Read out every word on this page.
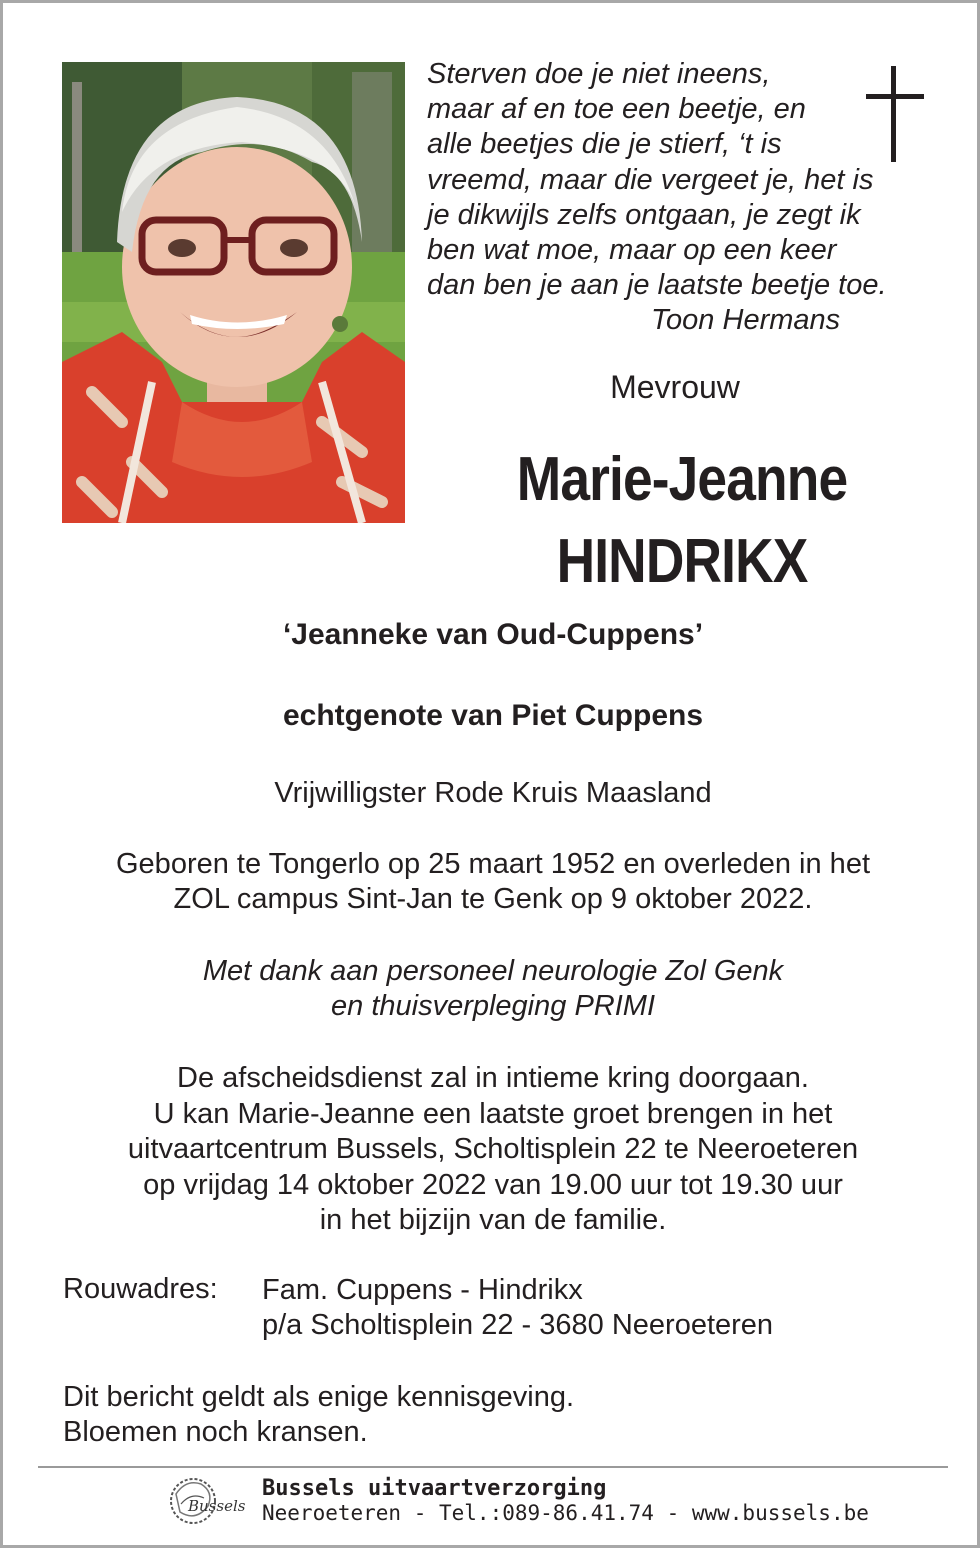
Sterven doe je niet ineens,
maar af en toe een beetje, en
alle beetjes die je stierf, ‘t is
vreemd, maar die vergeet je, het is
je dikwijls zelfs ontgaan, je zegt ik
ben wat moe, maar op een keer
dan ben je aan je laatste beetje toe.
Toon Hermans
Mevrouw
Marie-Jeanne
HINDRIKX
‘Jeanneke van Oud-Cuppens’
echtgenote van Piet Cuppens
Vrijwilligster Rode Kruis Maasland
Geboren te Tongerlo op 25 maart 1952 en overleden in het
ZOL campus Sint-Jan te Genk op 9 oktober 2022.
Met dank aan personeel neurologie Zol Genk
en thuisverpleging PRIMI
De afscheidsdienst zal in intieme kring doorgaan.
U kan Marie-Jeanne een laatste groet brengen in het
uitvaartcentrum Bussels, Scholtisplein 22 te Neeroeteren
op vrijdag 14 oktober 2022 van 19.00 uur tot 19.30 uur
in het bijzijn van de familie.
Rouwadres: Fam. Cuppens - Hindrikx
p/a Scholtisplein 22 - 3680 Neeroeteren
Dit bericht geldt als enige kennisgeving.
Bloemen noch kransen.
Bussels
Bussels uitvaartverzorging
Neeroeteren - Tel.:089-86.41.74 - www.bussels.be
